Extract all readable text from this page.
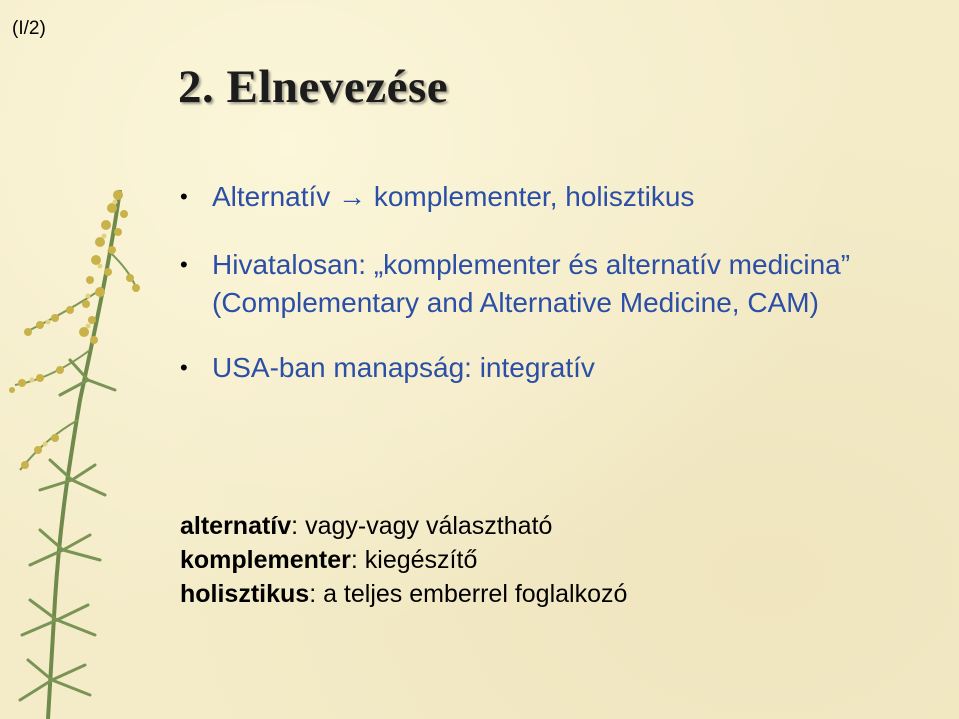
(I/2)
2. Elnevezése
• Alternatív → komplementer, holisztikus
• Hivatalosan: „komplementer és alternatív medicina” (Complementary and Alternative Medicine, CAM)
• USA-ban manapság: integratív
alternatív: vagy-vagy választható
komplementer: kiegészítő
holisztikus: a teljes emberrel foglalkozó
